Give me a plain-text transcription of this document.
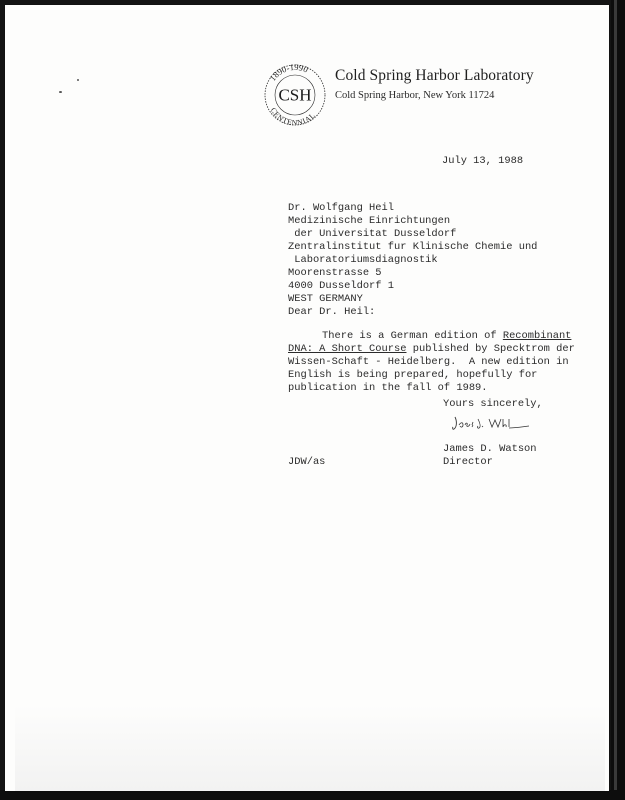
1890-1990
CENTENNIAL
CSH
Cold Spring Harbor Laboratory
Cold Spring Harbor, New York 11724
July 13, 1988
Dr. Wolfgang Heil
Medizinische Einrichtungen
der Universitat Dusseldorf
Zentralinstitut fur Klinische Chemie und
Laboratoriumsdiagnostik
Moorenstrasse 5
4000 Dusseldorf 1
WEST GERMANY
Dear Dr. Heil:
There is a German edition of Recombinant
DNA: A Short Course published by Specktrom der
Wissen-Schaft - Heidelberg.  A new edition in
English is being prepared, hopefully for
publication in the fall of 1989.
Yours sincerely,
James D. Watson
Director
JDW/as
